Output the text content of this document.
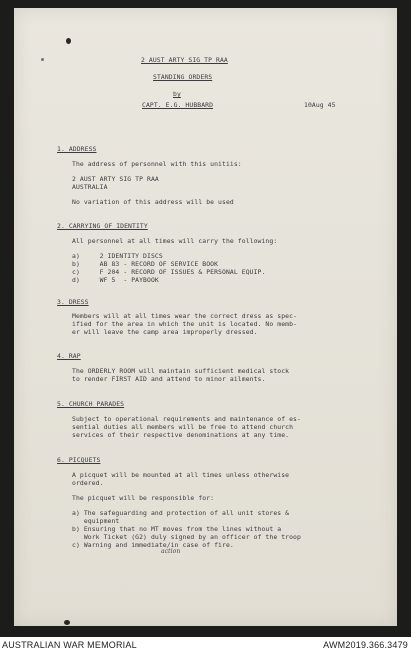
2 AUST ARTY SIG TP RAA
STANDING ORDERS
by
CAPT. E.G. HUBBARD	10Aug 45
1. ADDRESS
The address of personnel with this unitiis:
2 AUST ARTY SIG TP RAA
AUSTRALIA
No variation of this address will be used
2. CARRYING OF IDENTITY
All personnel at all times will carry the following:
a)     2 IDENTITY DISCS
b)     AB 83 - RECORD OF SERVICE BOOK
c)     F 204 - RECORD OF ISSUES & PERSONAL EQUIP.
d)     WF 5  - PAYBOOK
3. DRESS
Members will at all times wear the correct dress as spec-
ified for the area in which the unit is located. No memb-
er will leave the camp area improperly dressed.
4. RAP
The ORDERLY ROOM will maintain sufficient medical stock
to render FIRST AID and attend to minor ailments.
5. CHURCH PARADES
Subject to operational requirements and maintenance of es-
sential duties all members will be free to attend church
services of their respective denominations at any time.
6. PICQUETS
A picquet will be mounted at all times unless otherwise
ordered.
The picquet will be responsible for:
a) The safeguarding and protection of all unit stores &
equipment
b) Ensuring that no MT moves from the lines without a
Work Ticket (G2) duly signed by an officer of the troop
c) Warning and immediate/in case of fire.
action
AUSTRALIAN WAR MEMORIAL	AWM2019.366.3479
